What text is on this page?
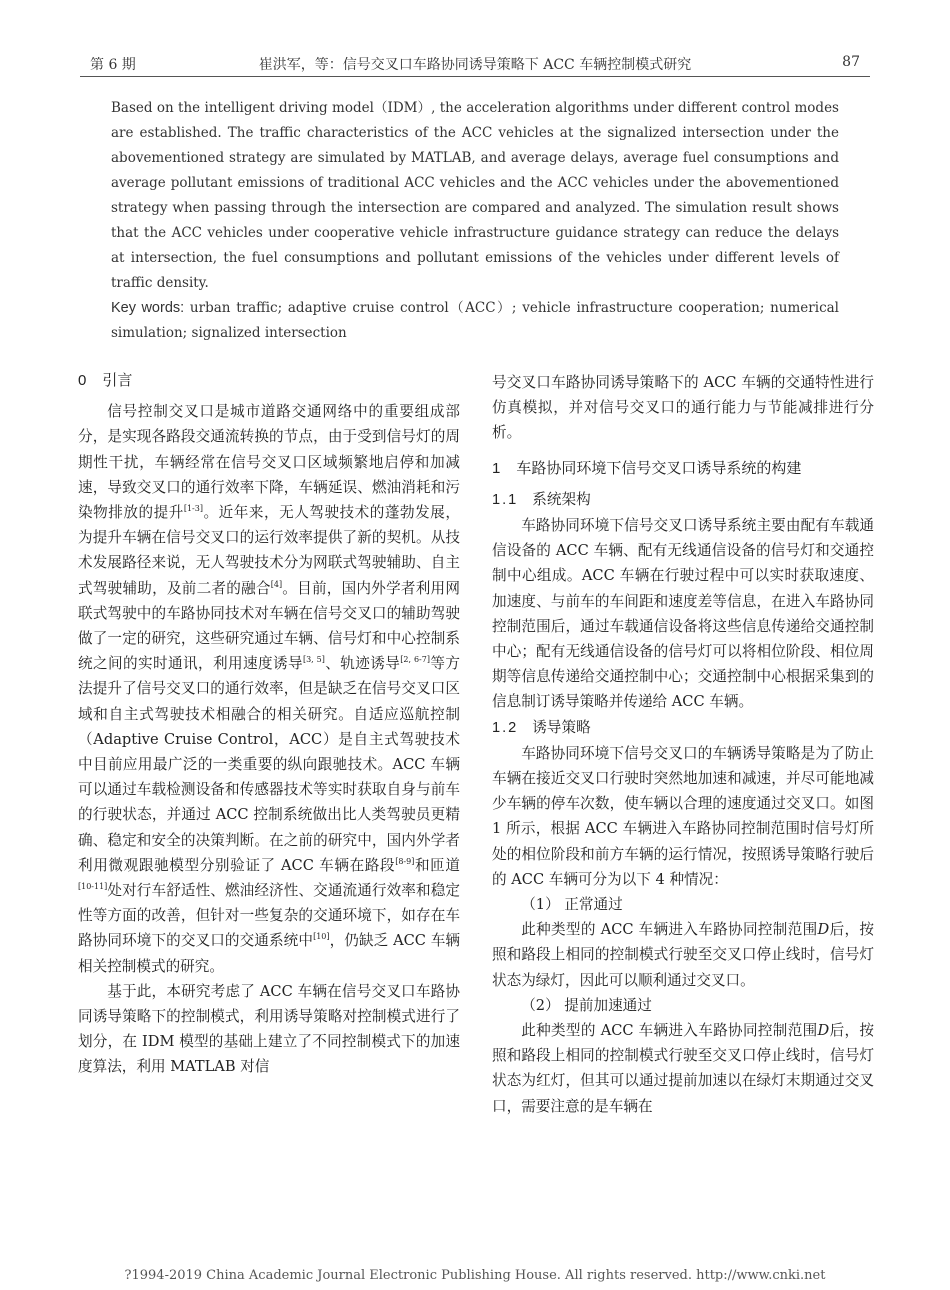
第 6 期	崔洪军，等：信号交叉口车路协同诱导策略下 ACC 车辆控制模式研究	87

Based on the intelligent driving model（IDM）, the acceleration algorithms under different control modes are established. The traffic characteristics of the ACC vehicles at the signalized intersection under the abovementioned strategy are simulated by MATLAB, and average delays, average fuel consumptions and average pollutant emissions of traditional ACC vehicles and the ACC vehicles under the abovementioned strategy when passing through the intersection are compared and analyzed. The simulation result shows that the ACC vehicles under cooperative vehicle infrastructure guidance strategy can reduce the delays at intersection, the fuel consumptions and pollutant emissions of the vehicles under different levels of traffic density.

Key words: urban traffic; adaptive cruise control（ACC）; vehicle infrastructure cooperation; numerical simulation; signalized intersection

0 引言

信号控制交叉口是城市道路交通网络中的重要组成部分，是实现各路段交通流转换的节点，由于受到信号灯的周期性干扰，车辆经常在信号交叉口区域频繁地启停和加减速，导致交叉口的通行效率下降，车辆延误、燃油消耗和污染物排放的提升[1-3]。近年来，无人驾驶技术的蓬勃发展，为提升车辆在信号交叉口的运行效率提供了新的契机。从技术发展路径来说，无人驾驶技术分为网联式驾驶辅助、自主式驾驶辅助，及前二者的融合[4]。目前，国内外学者利用网联式驾驶中的车路协同技术对车辆在信号交叉口的辅助驾驶做了一定的研究，这些研究通过车辆、信号灯和中心控制系统之间的实时通讯，利用速度诱导[3, 5]、轨迹诱导[2, 6-7]等方法提升了信号交叉口的通行效率，但是缺乏在信号交叉口区域和自主式驾驶技术相融合的相关研究。自适应巡航控制（Adaptive Cruise Control，ACC）是自主式驾驶技术中目前应用最广泛的一类重要的纵向跟驰技术。ACC 车辆可以通过车载检测设备和传感器技术等实时获取自身与前车的行驶状态，并通过 ACC 控制系统做出比人类驾驶员更精确、稳定和安全的决策判断。在之前的研究中，国内外学者利用微观跟驰模型分别验证了 ACC 车辆在路段[8-9]和匝道[10-11]处对行车舒适性、燃油经济性、交通流通行效率和稳定性等方面的改善，但针对一些复杂的交通环境下，如存在车路协同环境下的交叉口的交通系统中[10]，仍缺乏 ACC 车辆相关控制模式的研究。

基于此，本研究考虑了 ACC 车辆在信号交叉口车路协同诱导策略下的控制模式，利用诱导策略对控制模式进行了划分，在 IDM 模型的基础上建立了不同控制模式下的加速度算法，利用 MATLAB 对信

号交叉口车路协同诱导策略下的 ACC 车辆的交通特性进行仿真模拟，并对信号交叉口的通行能力与节能减排进行分析。

1 车路协同环境下信号交叉口诱导系统的构建
1.1 系统架构

车路协同环境下信号交叉口诱导系统主要由配有车载通信设备的 ACC 车辆、配有无线通信设备的信号灯和交通控制中心组成。ACC 车辆在行驶过程中可以实时获取速度、加速度、与前车的车间距和速度差等信息，在进入车路协同控制范围后，通过车载通信设备将这些信息传递给交通控制中心；配有无线通信设备的信号灯可以将相位阶段、相位周期等信息传递给交通控制中心；交通控制中心根据采集到的信息制订诱导策略并传递给 ACC 车辆。

1.2 诱导策略

车路协同环境下信号交叉口的车辆诱导策略是为了防止车辆在接近交叉口行驶时突然地加速和减速，并尽可能地减少车辆的停车次数，使车辆以合理的速度通过交叉口。如图 1 所示，根据 ACC 车辆进入车路协同控制范围时信号灯所处的相位阶段和前方车辆的运行情况，按照诱导策略行驶后的 ACC 车辆可分为以下 4 种情况：

（1） 正常通过

此种类型的 ACC 车辆进入车路协同控制范围D后，按照和路段上相同的控制模式行驶至交叉口停止线时，信号灯状态为绿灯，因此可以顺利通过交叉口。

（2） 提前加速通过

此种类型的 ACC 车辆进入车路协同控制范围D后，按照和路段上相同的控制模式行驶至交叉口停止线时，信号灯状态为红灯，但其可以通过提前加速以在绿灯末期通过交叉口，需要注意的是车辆在

?1994-2019 China Academic Journal Electronic Publishing House. All rights reserved. http://www.cnki.net
